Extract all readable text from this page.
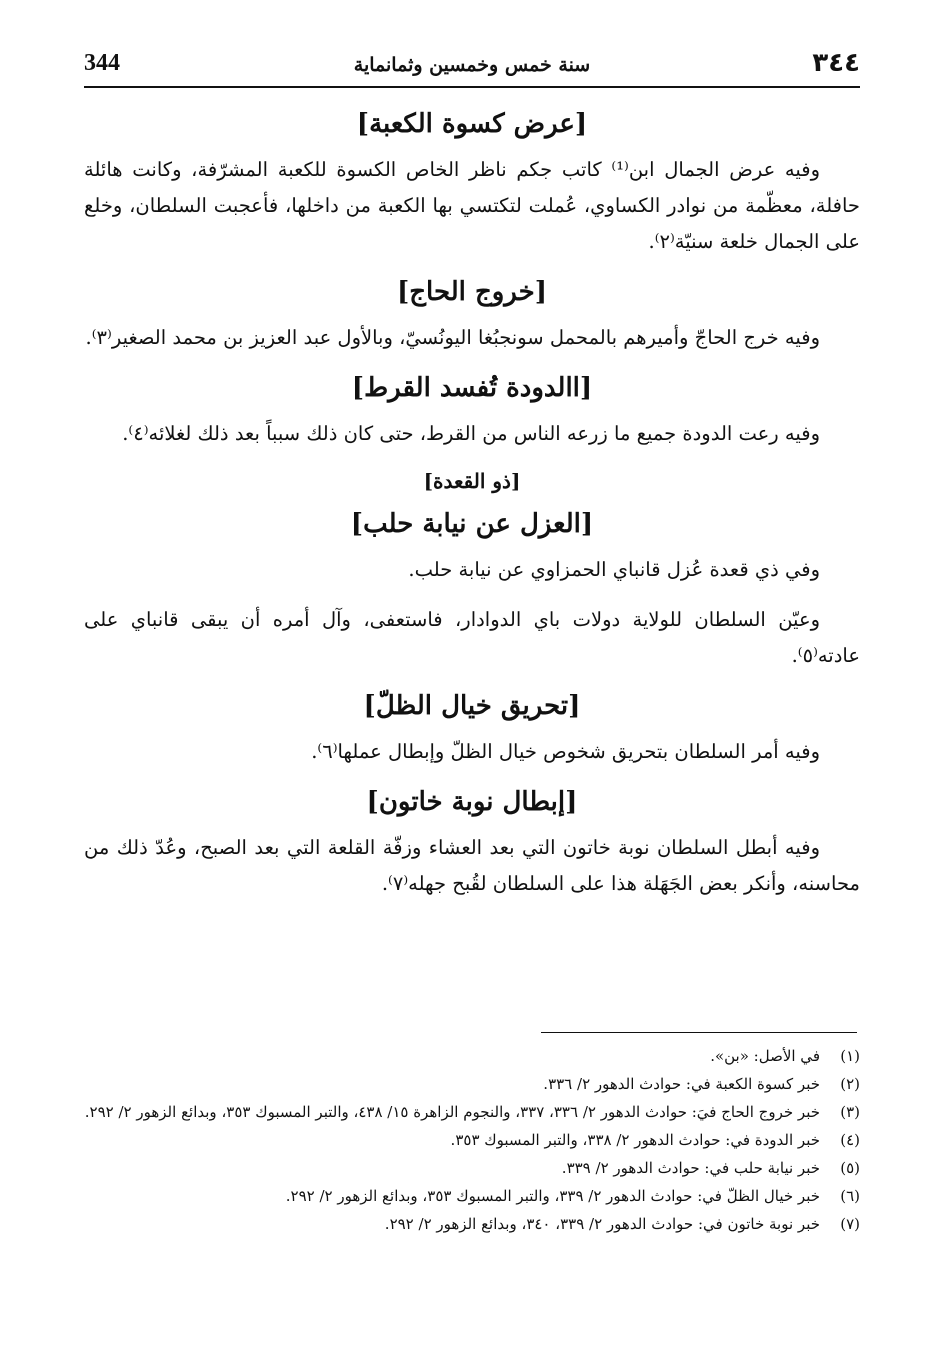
344	سنة خمس وخمسين وثمانماية	٣٤٤
[عرض كسوة الكعبة]

وفيه عرض الجمال ابن⁽¹⁾ كاتب جكم ناظر الخاص الكسوة للكعبة المشرّفة، وكانت هائلة حافلة، معظّمة من نوادر الكساوي، عُملت لتكتسي بها الكعبة من داخلها، فأعجبت السلطان، وخلع على الجمال خلعة سنيّة⁽٢⁾.

[خروج الحاج]

وفيه خرج الحاجّ وأميرهم بالمحمل سونجبُغا اليونُسيّ، وبالأول عبد العزيز بن محمد الصغير⁽٣⁾.

[االدودة تُفسد القرط]

وفيه رعت الدودة جميع ما زرعه الناس من القرط، حتى كان ذلك سبباً بعد ذلك لغلائه⁽٤⁾.

[ذو القعدة]
[العزل عن نيابة حلب]

وفي ذي قعدة عُزل قانباي الحمزاوي عن نيابة حلب.

وعيّن السلطان للولاية دولات باي الدوادار، فاستعفى، وآل أمره أن يبقى قانباي على عادته⁽٥⁾.

[تحريق خيال الظلّ]

وفيه أمر السلطان بتحريق شخوص خيال الظلّ وإبطال عملها⁽٦⁾.

[إبطال نوبة خاتون]

وفيه أبطل السلطان نوبة خاتون التي بعد العشاء وزفّة القلعة التي بعد الصبح، وعُدّ ذلك من محاسنه، وأنكر بعض الجَهَلة هذا على السلطان لقُبح جهله⁽٧⁾.

(١)
في الأصل: «بن».
(٢)
خبر كسوة الكعبة في: حوادث الدهور ٢/ ٣٣٦.
(٣)
خبر خروج الحاج فيَ: حوادث الدهور ٢/ ٣٣٦، ٣٣٧، والنجوم الزاهرة ١٥/ ٤٣٨، والتبر المسبوك ٣٥٣، وبدائع الزهور ٢/ ٢٩٢.
(٤)
خبر الدودة في: حوادث الدهور ٢/ ٣٣٨، والتبر المسبوك ٣٥٣.
(٥)
خبر نيابة حلب في: حوادث الدهور ٢/ ٣٣٩.
(٦)
خبر خيال الظلّ في: حوادث الدهور ٢/ ٣٣٩، والتبر المسبوك ٣٥٣، وبدائع الزهور ٢/ ٢٩٢.
(٧)
خبر نوبة خاتون في: حوادث الدهور ٢/ ٣٣٩، ٣٤٠، وبدائع الزهور ٢/ ٢٩٢.
